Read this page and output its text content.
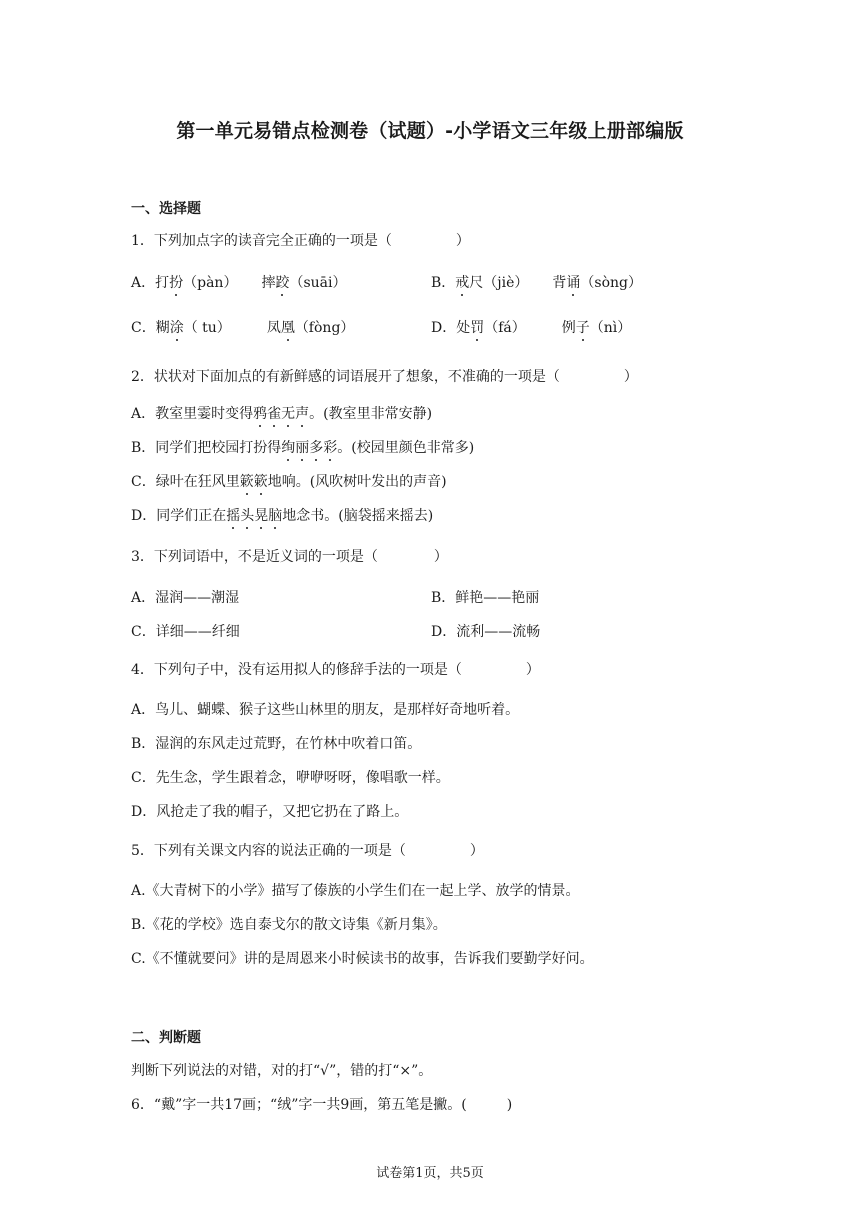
第一单元易错点检测卷（试题）-小学语文三年级上册部编版
一、选择题
1．下列加点字的读音完全正确的一项是（	）
A．打扮（pàn） 摔跤（suāi）	B．戒尺（jiè） 背诵（sòng）
C．糊涂（ tu）	凤凰（fòng）	D．处罚（fá）	例子（nì）
2．状状对下面加点的有新鲜感的词语展开了想象，不准确的一项是（	）
A．教室里霎时变得鸦雀无声。(教室里非常安静)
B．同学们把校园打扮得绚丽多彩。(校园里颜色非常多)
C．绿叶在狂风里簌簌地响。(风吹树叶发出的声音)
D．同学们正在摇头晃脑地念书。(脑袋摇来摇去)
3．下列词语中，不是近义词的一项是（	）
A．湿润——潮湿	B．鲜艳——艳丽
C．详细——纤细	D．流利——流畅
4．下列句子中，没有运用拟人的修辞手法的一项是（	）
A．鸟儿、蝴蝶、猴子这些山林里的朋友，是那样好奇地听着。
B．湿润的东风走过荒野，在竹林中吹着口笛。
C．先生念，学生跟着念，咿咿呀呀，像唱歌一样。
D．风抢走了我的帽子，又把它扔在了路上。
5．下列有关课文内容的说法正确的一项是（	）
A.《大青树下的小学》描写了傣族的小学生们在一起上学、放学的情景。
B.《花的学校》选自泰戈尔的散文诗集《新月集》。
C.《不懂就要问》讲的是周恩来小时候读书的故事，告诉我们要勤学好问。
二、判断题
判断下列说法的对错，对的打“√”，错的打“×”。
6．“戴”字一共17画；“绒”字一共9画，第五笔是撇。(	)
试卷第1页，共5页
